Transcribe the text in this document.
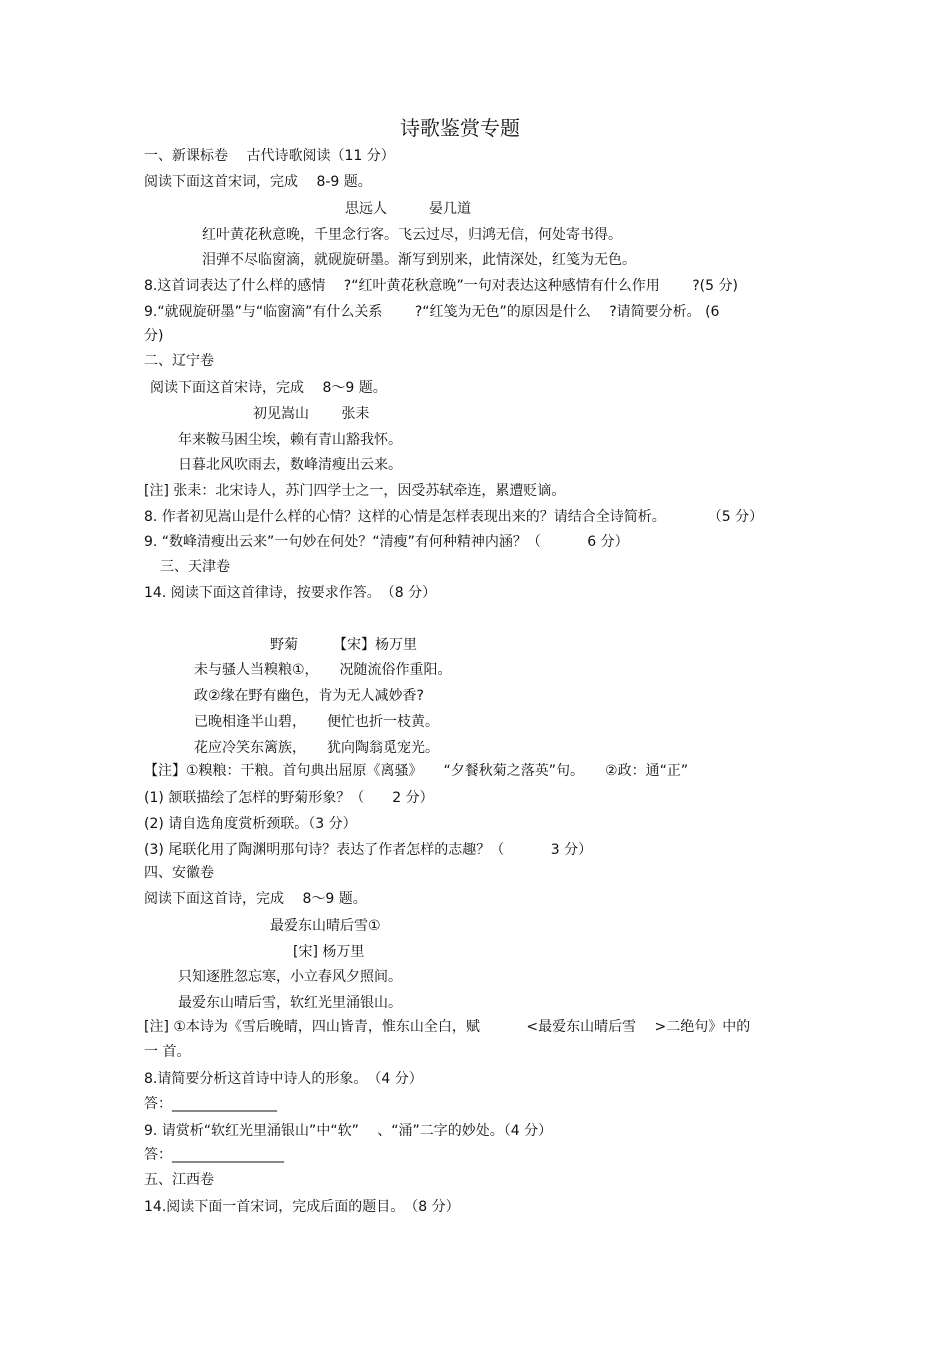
诗歌鉴赏专题
一、新课标卷　 古代诗歌阅读（11 分）
阅读下面这首宋词，完成　 8-9 题。
思远人　　　晏几道
红叶黄花秋意晚，千里念行客。飞云过尽，归鸿无信，何处寄书得。
泪弹不尽临窗滴，就砚旋研墨。渐写到别来，此情深处，红笺为无色。
8.这首词表达了什么样的感情　 ?“红叶黄花秋意晚”一句对表达这种感情有什么作用　　 ?(5 分)
9.“就砚旋研墨”与“临窗滴”有什么关系　　 ?“红笺为无色”的原因是什么　 ?请简要分析。 (6
分)
二、辽宁卷
阅读下面这首宋诗，完成　 8～9 题。
初见嵩山　　 张耒
年来鞍马困尘埃，赖有青山豁我怀。
日暮北风吹雨去，数峰清瘦出云来。
[注] 张耒：北宋诗人，苏门四学士之一，因受苏轼牵连，累遭贬谪。
8. 作者初见嵩山是什么样的心情？这样的心情是怎样表现出来的？请结合全诗简析。　　　　（5 分）
9. “数峰清瘦出云来”一句妙在何处？“清瘦”有何种精神内涵？（　　　 6 分）
三、天津卷
14. 阅读下面这首律诗，按要求作答。　（8 分）
野菊　　　【宋】杨万里
未与骚人当糗粮①，　　况随流俗作重阳。
政②缘在野有幽色，肯为无人减妙香?
已晚相逢半山碧，　　便忙也折一枝黄。
花应冷笑东篱族，　　犹向陶翁觅宠光。
【注】①糗粮：干粮。首句典出屈原《离骚》　　“夕餐秋菊之落英”句。　　②政：通“正”
(1) 颔联描绘了怎样的野菊形象？（　　2 分）
(2) 请自选角度赏析颈联。（3 分）
(3) 尾联化用了陶渊明那句诗？表达了作者怎样的志趣？（　　　 3 分）
四、安徽卷
阅读下面这首诗，完成　 8～9 题。
最爱东山晴后雪①
[宋] 杨万里
只知逐胜忽忘寒，小立春风夕照间。
最爱东山晴后雪，软红光里涌银山。
[注] ①本诗为《雪后晚晴，四山皆青，惟东山全白，赋　　　 <最爱东山晴后雪　 >二绝句》中的
一 首。
8.请简要分析这首诗中诗人的形象。　（4 分）
答：_______________
9. 请赏析“软红光里涌银山”中“软”　 、“涌”二字的妙处。（4 分）
答：________________
五、江西卷
14.阅读下面一首宋词，完成后面的题目。　（8 分）
